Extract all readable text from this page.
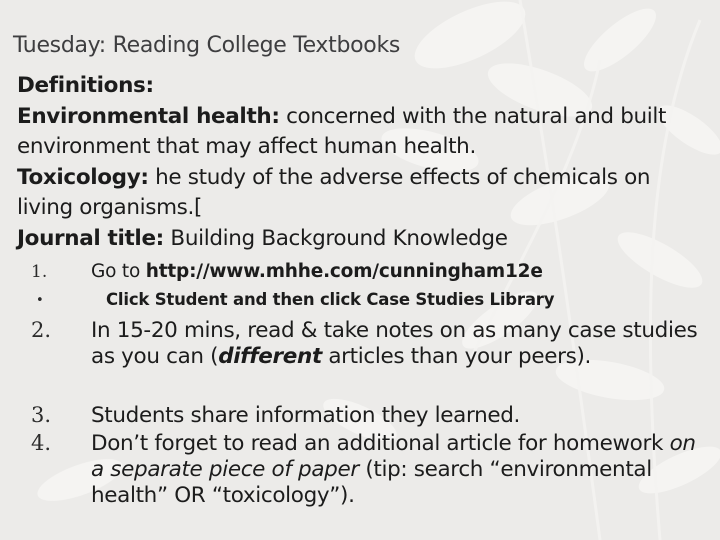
Tuesday: Reading College Textbooks

Definitions:

Environmental health: concerned with the natural and built environment that may affect human health.

Toxicology: he study of the adverse effects of chemicals on living organisms.[

Journal title: Building Background Knowledge

1. Go to http://www.mhhe.com/cunningham12e
•	Click Student and then click Case Studies Library
2. In 15-20 mins, read & take notes on as many case studies as you can (different articles than your peers).
3. Students share information they learned.
4. Don’t forget to read an additional article for homework on a separate piece of paper (tip: search “environmental health” OR “toxicology”).
